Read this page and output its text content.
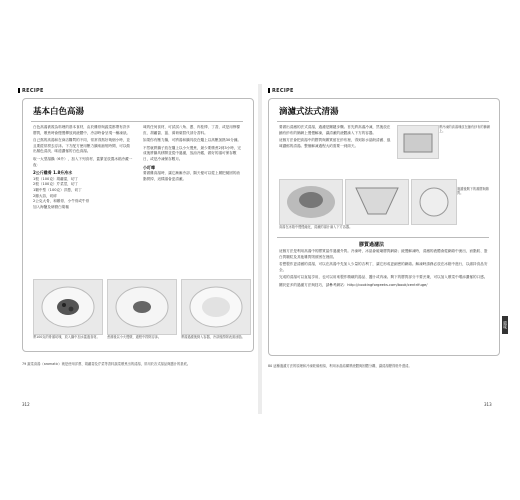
RECIPE
基本白色高湯

白色高湯被視為料理的基本食材，由於雞骨與蔬菜都帶有許多膠質，燉煮時會慢慢釋放到液體中，冷卻時會呈現一種凍狀。

自己熬的高湯和在商店購買的不同，常常得熬好幾個小時，並且要經常撈去浮沫。下方配方使用壓力鍋來縮短時間，可以做出顏色清淡、味道濃郁的白色高湯。

取一大型湯鍋（6升），加入下列食材，蓋緊並放置冰箱冷藏一夜：

2公斤雞骨 1.8升冷水
1根（100克）胡蘿蔔，切丁
2根（100克）芹菜莖，切丁
1顆中型（100克）洋蔥，切丁
2瓣大蒜，切碎
2公克大骨，和雞骨、小牛骨或牛骨
加入海鹽及研磨白胡椒

味的任何食材，可試試八角、蔥、肉桂棒、丁香，或是用檸檬皮、胡蘿蔔、薑、薄荷葉替代部分香料。

如果你有壓力鍋，可將湯和鍋具放在爐上以高壓加熱30分鐘。

不然就將鍋子放在爐上以小火慢煮，最少要燉煮2到3小時，完成後將鍋具移開並從中過濾，放涼冷藏，做好的湯可保存數日，或是冷凍保存數月。

小叮嚀

要做雞高湯時，讓它漸漸冷卻，隔天便可以從上層把凝固的油脂撈掉，這樣湯會更清澈。

將100克的骨頭切塊，放入鍋中加水蓋過食材。	煮沸後以小火慢燉，過程中撈除浮沫。	將湯過濾後倒入容器，冷卻後撈除表面油脂。
79 蔬菜高湯（aromatic）就是使用洋蔥、胡蘿蔔及芹菜等香料蔬菜燉煮出的清湯，常用於各式湯品與醬汁的基底。
312
RECIPE
滴濾式法式清湯

要做出清澈的法式清湯，過濾是關鍵步驟。首先將高湯冷凍，然後放在鋪有紗布的篩網上慢慢解凍，讓清澈的液體滴入下方的容器。

這個方法會把高湯中的膠質與雜質留在紗布裡，得到如水晶般清澈、風味濃郁的清湯。整個解凍過程大約需要一到兩天。

將冷凍的高湯塊放在鋪有紗布的篩網上。
過濾後剩下的凝膠與雜質。
高湯在冰箱中慢慢融化，清澈的湯汁滴入下方容器。
膠質過濾法

這個方法是利用高湯中的膠質當作過濾介質。冷凍時，冰晶會破壞膠質網絡；緩慢解凍時，清澈的液體會從網絡中流出，而脂肪、蛋白質顆粒及其他雜質則被困在裡面。

若想製作更清澈的清湯，可以在高湯中先加入少量的吉利丁，讓它形成更細密的網絡。解凍時請務必放在冰箱中進行，以維持食品安全。

完成的清湯可以直接享用，也可以用來製作精緻的湯品、醬汁或肉凍。剩下的膠質部分不要丟棄，可以加入燉菜中增添濃郁的口感。

關於更多的過濾方法與技巧，請參考網站：http://cookingforgeeks.com/book/centrifuge/

80 這種過濾方法的原理和冷凍乾燥相似，利用冰晶結構將液體與固體分離，讓清湯變得格外澄清。
313
風味
